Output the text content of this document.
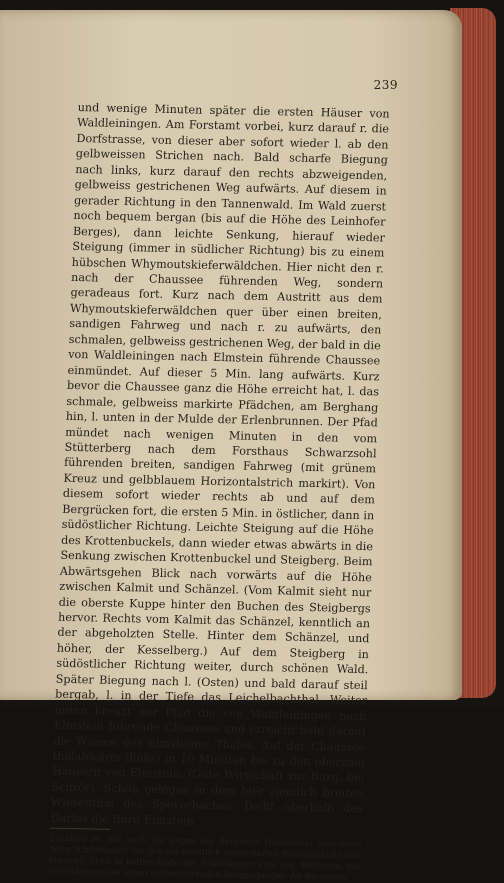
239

und wenige Minuten später die ersten Häuser von Waldleiningen. Am Forstamt vorbei, kurz darauf r. die Dorfstrasse, von dieser aber sofort wieder l. ab den gelbweissen Strichen nach. Bald scharfe Biegung nach links, kurz darauf den rechts abzweigenden, gelbweiss gestrichenen Weg aufwärts. Auf diesem in gerader Richtung in den Tannenwald. Im Wald zuerst noch bequem bergan (bis auf die Höhe des Leinhofer Berges), dann leichte Senkung, hierauf wieder Steigung (immer in südlicher Richtung) bis zu einem hübschen Whymoutskieferwäldchen. Hier nicht den r. nach der Chaussee führenden Weg, sondern geradeaus fort. Kurz nach dem Austritt aus dem Whymoutskieferwäldchen quer über einen breiten, sandigen Fahrweg und nach r. zu aufwärts, den schmalen, gelbweiss gestrichenen Weg, der bald in die von Waldleiningen nach Elmstein führende Chaussee einmündet. Auf dieser 5 Min. lang aufwärts. Kurz bevor die Chaussee ganz die Höhe erreicht hat, l. das schmale, gelbweiss markirte Pfädchen, am Berghang hin, l. unten in der Mulde der Erlenbrunnen. Der Pfad mündet nach wenigen Minuten in den vom Stütterberg nach dem Forsthaus Schwarzsohl führenden breiten, sandigen Fahrweg (mit grünem Kreuz und gelbblauem Horizontalstrich markirt). Von diesem sofort wieder rechts ab und auf dem Bergrücken fort, die ersten 5 Min. in östlicher, dann in südöstlicher Richtung. Leichte Steigung auf die Höhe des Krottenbuckels, dann wieder etwas abwärts in die Senkung zwischen Krottenbuckel und Steigberg. Beim Abwärtsgehen Blick nach vorwärts auf die Höhe zwischen Kalmit und Schänzel. (Vom Kalmit sieht nur die oberste Kuppe hinter den Buchen des Steigbergs hervor. Rechts vom Kalmit das Schänzel, kenntlich an der abgeholzten Stelle. Hinter dem Schänzel, und höher, der Kesselberg.) Auf dem Steigberg in südöstlicher Richtung weiter, durch schönen Wald. Später Biegung nach l. (Osten) und bald darauf steil bergab, l. in der Tiefe das Leichelbachthal. Weiter unten kreuzt der Pfad die von Waldleiningen nach Elmstein führende Chaussee und erreicht bald darauf die Wiesen des Elmsteiner Thales. Auf der Chaussee thalabwärts (links) in 10 Minuten bis zu den obersten Häusern von Elmstein. (Gute Wirtschaft zur Burg, bei Schrör). Schön gelegen in dem hier ziemlich breiten Wiesenthal des Speyerbaches. Dicht oberhalb des Dorfes die Burg Elmstein.

Erhalten ist nur noch die gegen die Bergseite (Nordseite) gerichtete hohe Schildmauer, vor der ein künstlich verbreiterter Felseinschnitt sich hinzieht. Etwa in halber Höhe der Schildmauer eine sog. Pechnase, zur Verteidigung des unten vorbeiführenden Burgzuganges. An die innere
